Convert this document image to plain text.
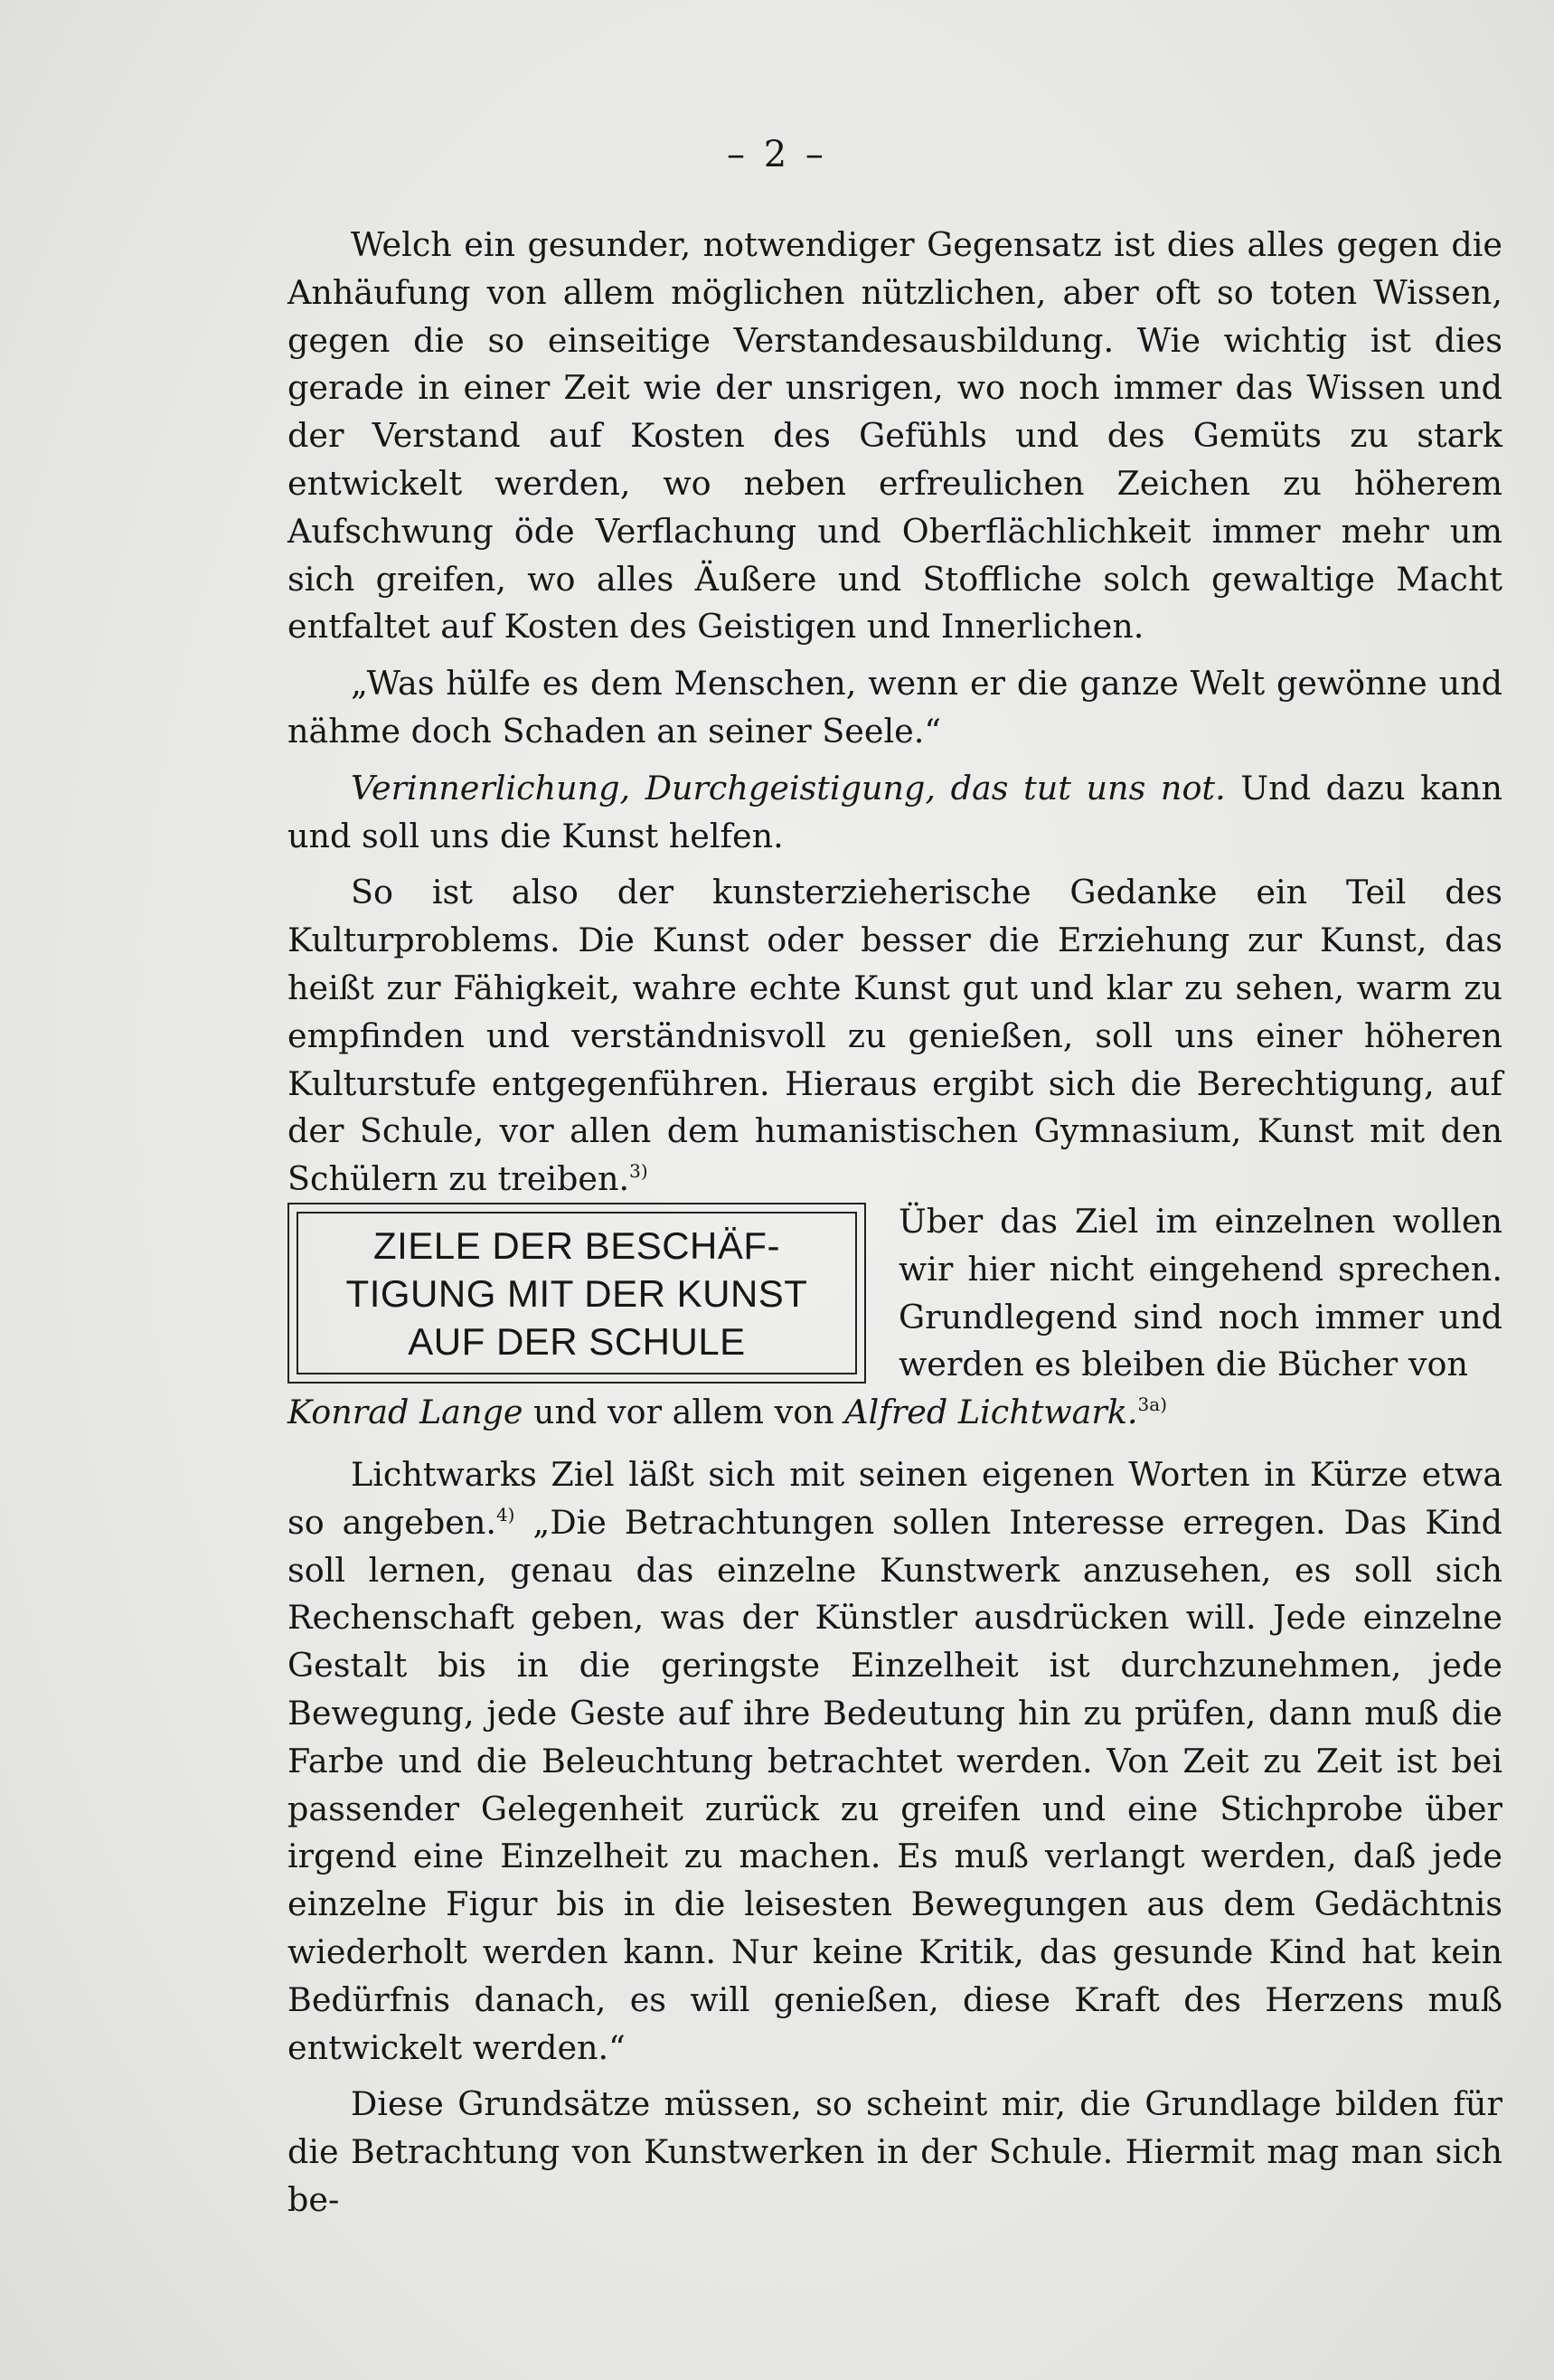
– 2 –

Welch ein gesunder, notwendiger Gegensatz ist dies alles gegen die Anhäufung von allem möglichen nützlichen, aber oft so toten Wissen, gegen die so einseitige Verstandesausbildung. Wie wichtig ist dies gerade in einer Zeit wie der unsrigen, wo noch immer das Wissen und der Verstand auf Kosten des Gefühls und des Gemüts zu stark entwickelt werden, wo neben erfreulichen Zeichen zu höherem Aufschwung öde Verflachung und Oberflächlichkeit immer mehr um sich greifen, wo alles Äußere und Stoffliche solch gewaltige Macht entfaltet auf Kosten des Geistigen und Innerlichen.

„Was hülfe es dem Menschen, wenn er die ganze Welt gewönne und nähme doch Schaden an seiner Seele.“

Verinnerlichung, Durchgeistigung, das tut uns not. Und dazu kann und soll uns die Kunst helfen.

So ist also der kunsterzieherische Gedanke ein Teil des Kulturproblems. Die Kunst oder besser die Erziehung zur Kunst, das heißt zur Fähigkeit, wahre echte Kunst gut und klar zu sehen, warm zu empfinden und verständnisvoll zu genießen, soll uns einer höheren Kulturstufe entgegenführen. Hieraus ergibt sich die Berechtigung, auf der Schule, vor allen dem humanistischen Gymnasium, Kunst mit den Schülern zu treiben.$^{3)}$

ZIELE DER BESCHÄF-
TIGUNG MIT DER KUNST
AUF DER SCHULE

Über das Ziel im einzelnen wollen wir hier nicht eingehend sprechen. Grundlegend sind noch immer und werden es bleiben die Bücher von

Konrad Lange und vor allem von Alfred Lichtwark.$^{3a)}$

Lichtwarks Ziel läßt sich mit seinen eigenen Worten in Kürze etwa so angeben.$^{4)}$ „Die Betrachtungen sollen Interesse erregen. Das Kind soll lernen, genau das einzelne Kunstwerk anzusehen, es soll sich Rechenschaft geben, was der Künstler ausdrücken will. Jede einzelne Gestalt bis in die geringste Einzelheit ist durchzunehmen, jede Bewegung, jede Geste auf ihre Bedeutung hin zu prüfen, dann muß die Farbe und die Beleuchtung betrachtet werden. Von Zeit zu Zeit ist bei passender Gelegenheit zurück zu greifen und eine Stichprobe über irgend eine Einzelheit zu machen. Es muß verlangt werden, daß jede einzelne Figur bis in die leisesten Bewegungen aus dem Gedächtnis wiederholt werden kann. Nur keine Kritik, das gesunde Kind hat kein Bedürfnis danach, es will genießen, diese Kraft des Herzens muß entwickelt werden.“

Diese Grundsätze müssen, so scheint mir, die Grundlage bilden für die Betrachtung von Kunstwerken in der Schule. Hiermit mag man sich be-
